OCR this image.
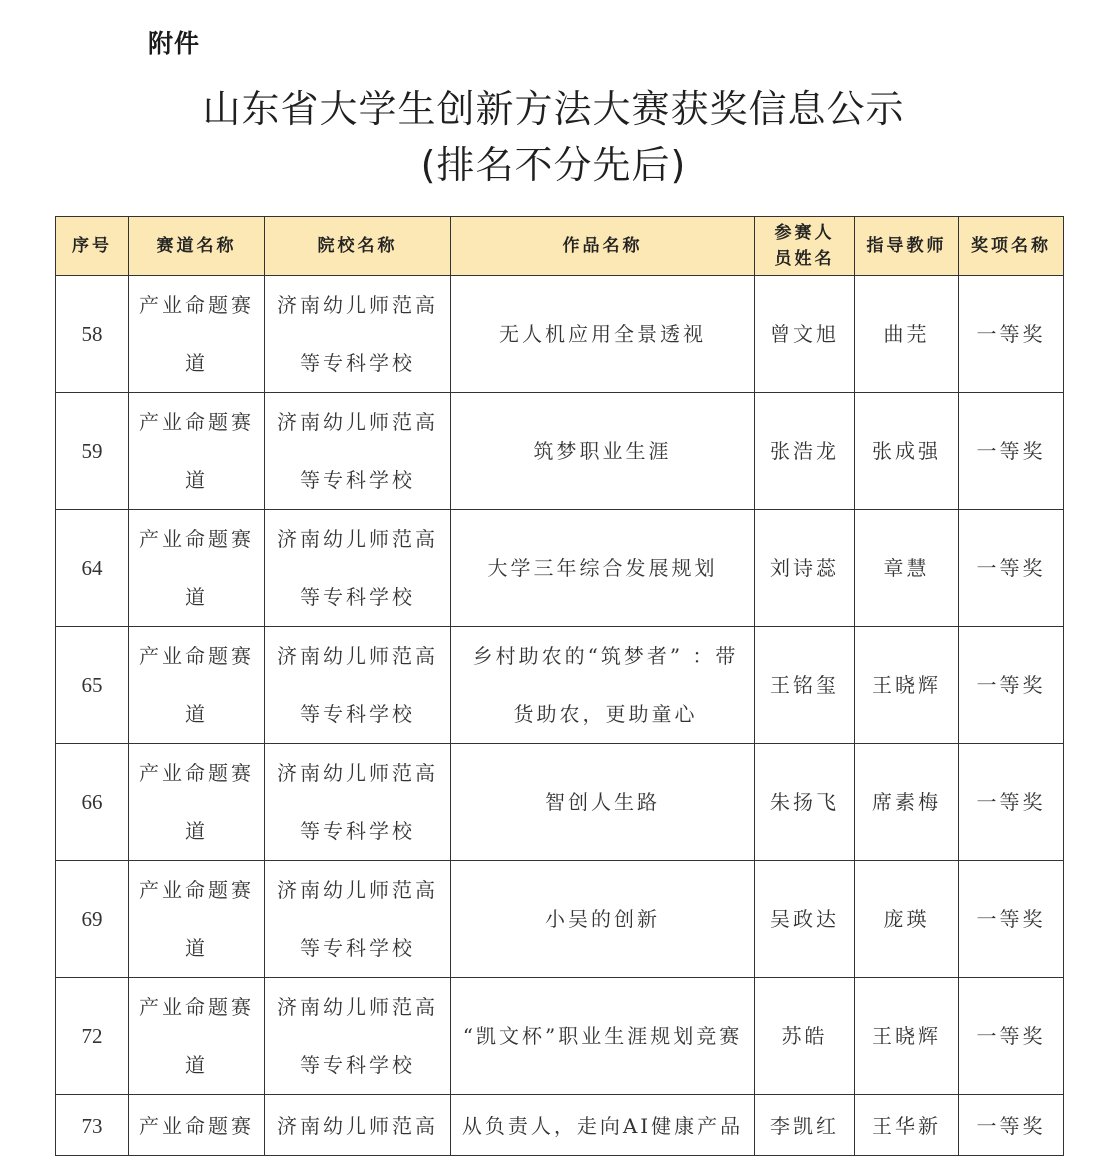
附件
山东省大学生创新方法大赛获奖信息公示
(排名不分先后)
序号	赛道名称	院校名称	作品名称	参赛人员姓名	指导教师	奖项名称
58	产业命题赛道	济南幼儿师范高等专科学校	无人机应用全景透视	曾文旭	曲芫	一等奖
59	产业命题赛道	济南幼儿师范高等专科学校	筑梦职业生涯	张浩龙	张成强	一等奖
64	产业命题赛道	济南幼儿师范高等专科学校	大学三年综合发展规划	刘诗蕊	章慧	一等奖
65	产业命题赛道	济南幼儿师范高等专科学校	乡村助农的“筑梦者” ：带货助农，更助童心	王铭玺	王晓辉	一等奖
66	产业命题赛道	济南幼儿师范高等专科学校	智创人生路	朱扬飞	席素梅	一等奖
69	产业命题赛道	济南幼儿师范高等专科学校	小吴的创新	吴政达	庞瑛	一等奖
72	产业命题赛道	济南幼儿师范高等专科学校	“凯文杯”职业生涯规划竞赛	苏皓	王晓辉	一等奖
73	产业命题赛	济南幼儿师范高	从负责人，走向AI健康产品	李凯红	王华新	一等奖
